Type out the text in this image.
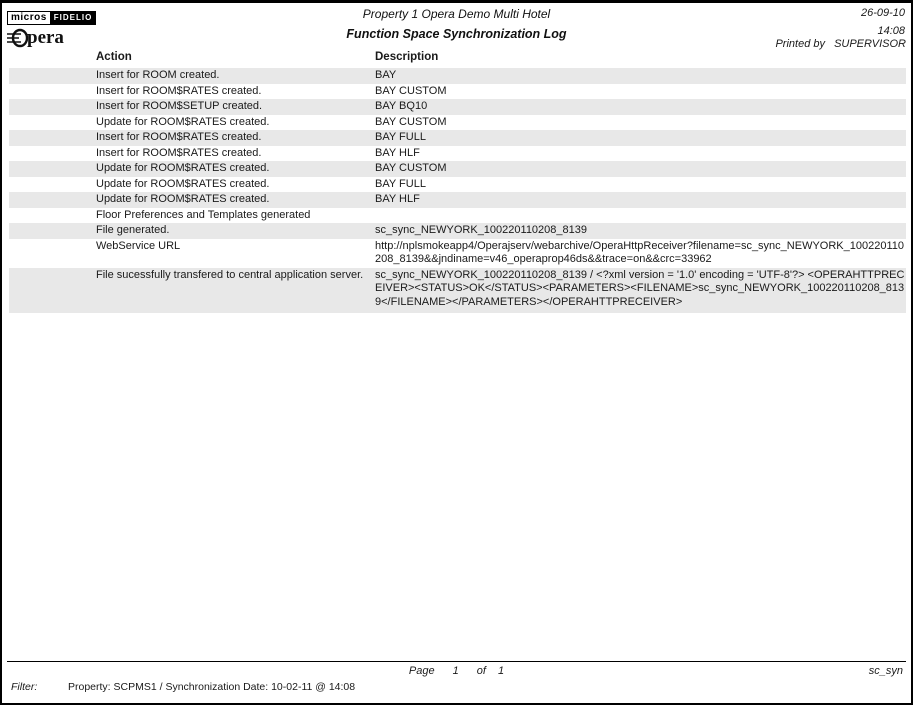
micros FIDELIO
pera
Property 1 Opera Demo Multi Hotel
Function Space Synchronization Log
26-09-10
14:08
Printed by SUPERVISOR
Action	Description
Insert for ROOM created.	BAY
Insert for ROOM$RATES created.	BAY CUSTOM
Insert for ROOM$SETUP created.	BAY BQ10
Update for ROOM$RATES created.	BAY CUSTOM
Insert for ROOM$RATES created.	BAY FULL
Insert for ROOM$RATES created.	BAY HLF
Update for ROOM$RATES created.	BAY CUSTOM
Update for ROOM$RATES created.	BAY FULL
Update for ROOM$RATES created.	BAY HLF
Floor Preferences and Templates generated
File generated.	sc_sync_NEWYORK_100220110208_8139
WebService URL	http://nplsmokeapp4/Operajserv/webarchive/OperaHttpReceiver?filename=sc_sync_NEWYORK_100220110208_8139&&jndiname=v46_operaprop46ds&&trace=on&&crc=33962
File sucessfully transfered to central application server.	sc_sync_NEWYORK_100220110208_8139 / <?xml version = '1.0' encoding = 'UTF-8'?> <OPERAHTTPRECEIVER><STATUS>OK</STATUS><PARAMETERS><FILENAME>sc_sync_NEWYORK_100220110208_8139</FILENAME></PARAMETERS></OPERAHTTPRECEIVER>
Page 1 of 1	sc_syn
Filter:	Property: SCPMS1 / Synchronization Date: 10-02-11 @ 14:08
